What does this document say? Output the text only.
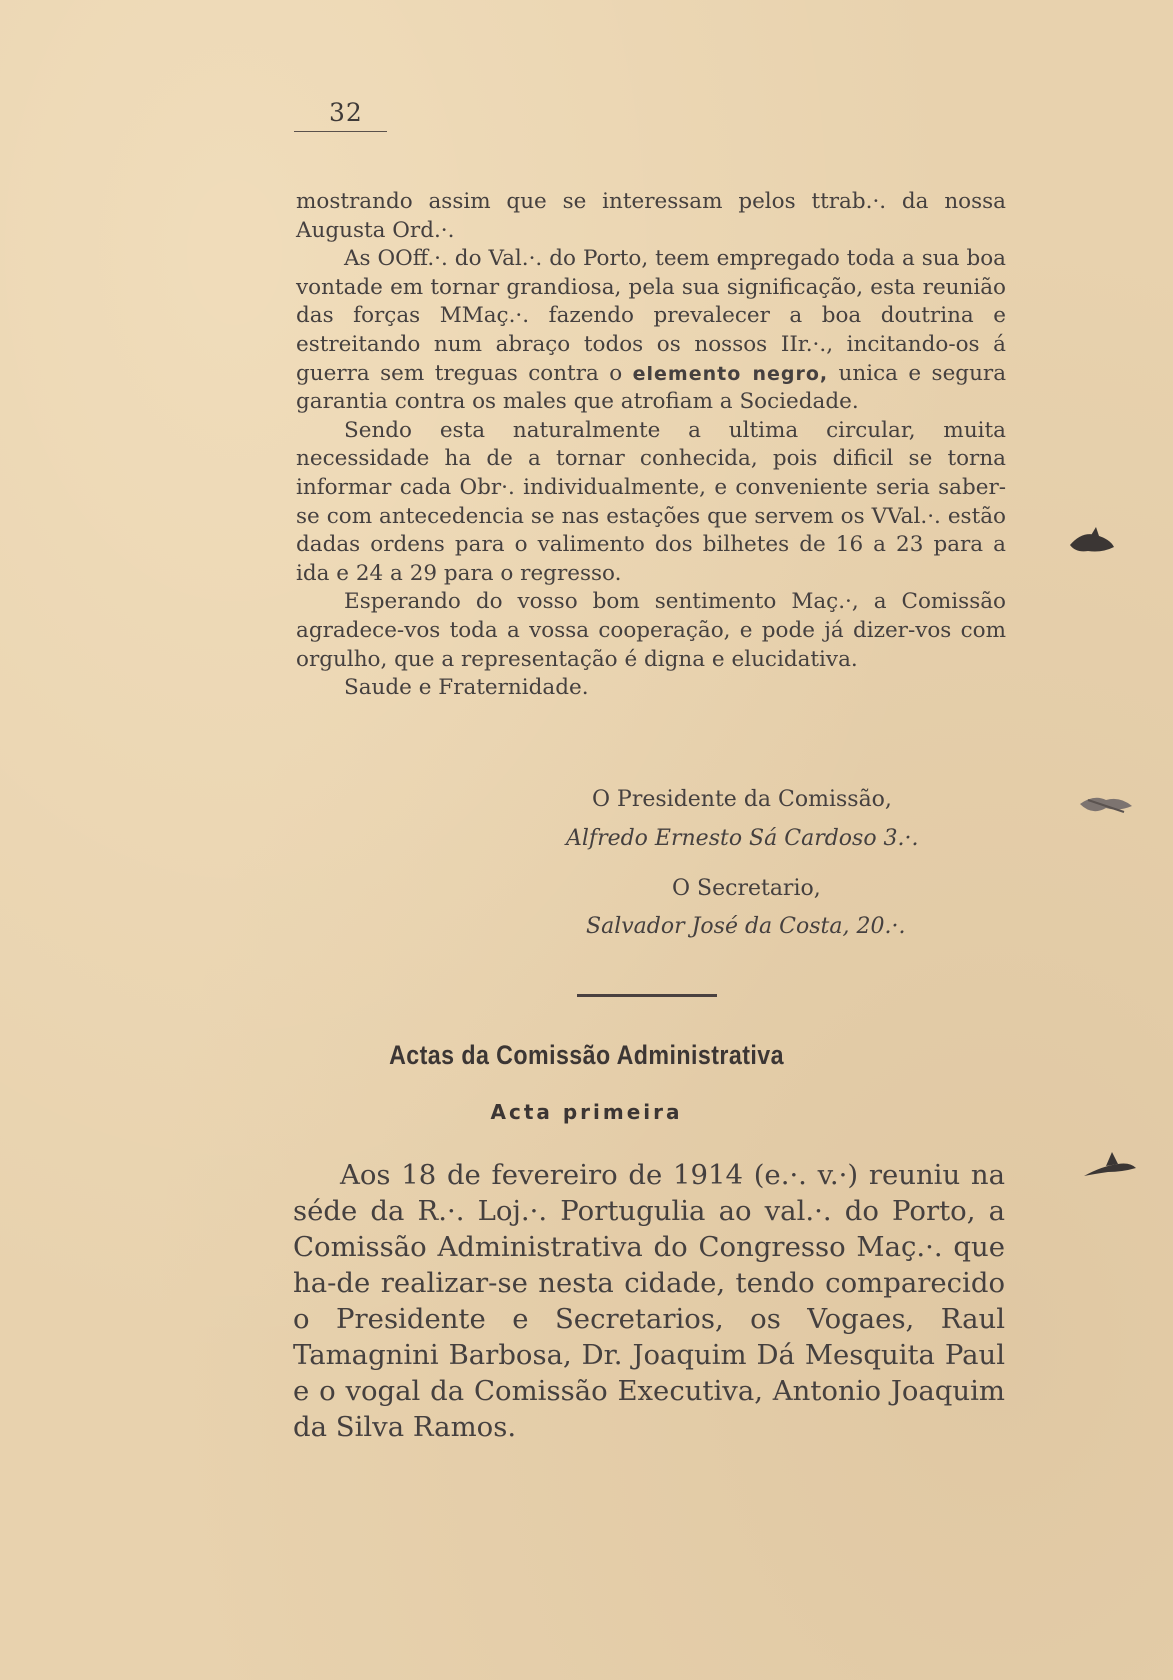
32

mostrando assim que se interessam pelos ttrab.·. da nossa Augusta Ord.·.

As OOff.·. do Val.·. do Porto, teem empregado toda a sua boa vontade em tornar grandiosa, pela sua significação, esta reunião das forças MMaç.·. fazendo prevalecer a boa doutrina e estreitando num abraço todos os nossos IIr.·., incitando-os á guerra sem treguas contra o elemento negro, unica e segura garantia contra os males que atrofiam a Sociedade.

Sendo esta naturalmente a ultima circular, muita necessidade ha de a tornar conhecida, pois dificil se torna informar cada Obr·. individualmente, e conveniente seria saber-se com antecedencia se nas estações que servem os VVal.·. estão dadas ordens para o valimento dos bilhetes de 16 a 23 para a ida e 24 a 29 para o regresso.

Esperando do vosso bom sentimento Maç.·, a Comissão agradece-vos toda a vossa cooperação, e pode já dizer-vos com orgulho, que a representação é digna e elucidativa.

Saude e Fraternidade.

O Presidente da Comissão,
Alfredo Ernesto Sá Cardoso 3.·.
O Secretario,
Salvador José da Costa, 20.·.
Actas da Comissão Administrativa
Acta primeira

Aos 18 de fevereiro de 1914 (e.·. v.·) reuniu na séde da R.·. Loj.·. Portugulia ao val.·. do Porto, a Comissão Administrativa do Congresso Maç.·. que ha-de realizar-se nesta cidade, tendo comparecido o Presidente e Secretarios, os Vogaes, Raul Tamagnini Barbosa, Dr. Joaquim Dá Mesquita Paul e o vogal da Comissão Executiva, Antonio Joaquim da Silva Ramos.
